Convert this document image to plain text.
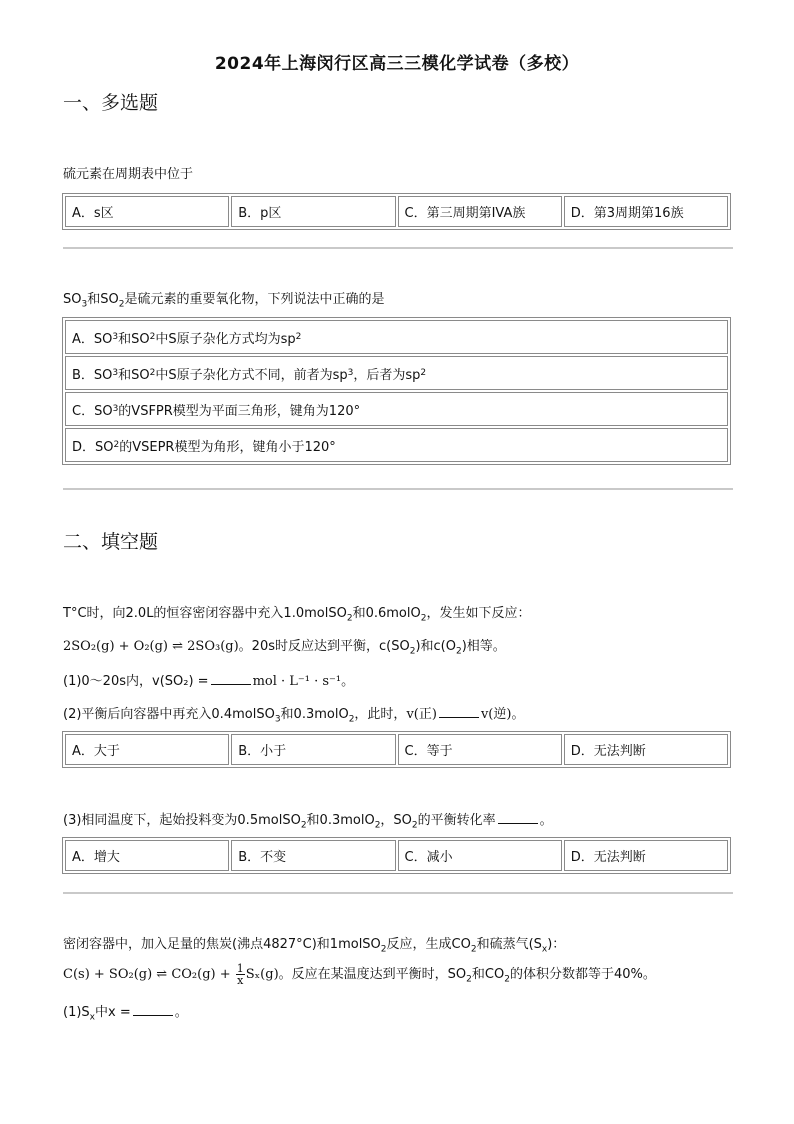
2024年上海闵行区高三三模化学试卷（多校）
一、多选题
硫元素在周期表中位于
A．s区	B．p区	C．第三周期第IVA族	D．第3周期第16族
$SO_3$和$SO_2$是硫元素的重要氧化物，下列说法中正确的是
A．SO 3 和SO 2 中S原子杂化方式均为sp 2
B．SO 3 和SO 2 中S原子杂化方式不同，前者为sp 3 ，后者为sp 2
C．SO 3 的VSFPR模型为平面三角形，键角为120°
D．SO 2 的VSEPR模型为角形，键角小于120°
二、填空题
T°C时，向2.0L的恒容密闭容器中充入1.0molSO$_2$和0.6molO$_2$，发生如下反应：
2SO₂(g) + O₂(g) ⇌ 2SO₃(g)。20s时反应达到平衡，$c(SO_2)$和$c(O_2)$相等。
(1)0～20s内，v(SO₂) =	mol · L⁻¹ · s⁻¹。
(2)平衡后向容器中再充入0.4molSO$_3$和0.3molO$_2$，此时，v(正)	v(逆)。
A．大于	B．小于	C．等于	D．无法判断
(3)相同温度下，起始投料变为0.5molSO$_2$和0.3molO$_2$，$SO_2$的平衡转化率	。
A．增大	B．不变	C．减小	D．无法判断
密闭容器中，加入足量的焦炭(沸点4827°C)和1molSO$_2$反应，生成$CO_2$和硫蒸气$(S_x)$：
C(s) + SO₂(g) ⇌ $CO_2(g) + \frac{1}{x} S_x(g)$。反应在某温度达到平衡时，$SO_2$和$CO_2$的体积分数都等于40%。
$(1)S_x$中x =	。
